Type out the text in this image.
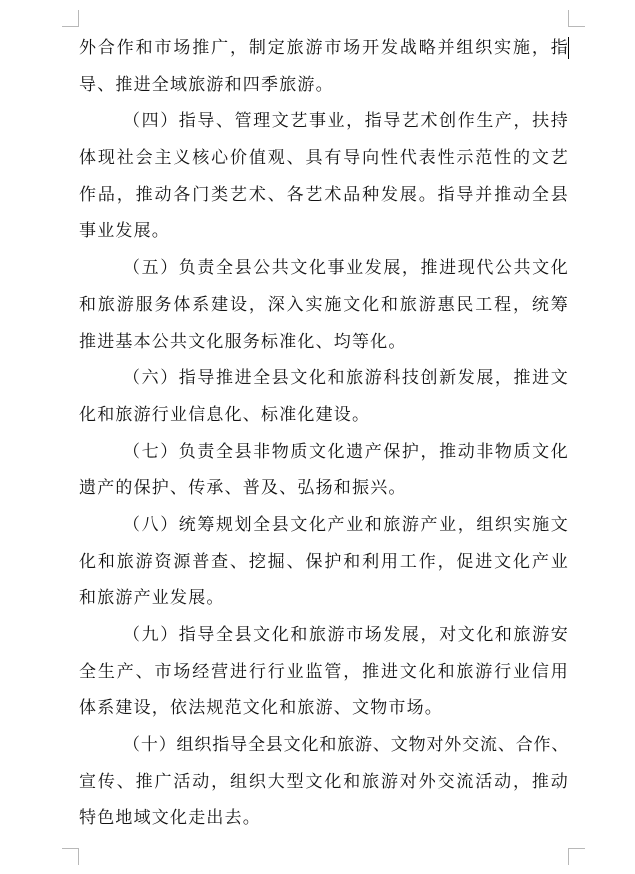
外合作和市场推广，制定旅游市场开发战略并组织实施，指
导、推进全域旅游和四季旅游。
（四）指导、管理文艺事业，指导艺术创作生产，扶持
体现社会主义核心价值观、具有导向性代表性示范性的文艺
作品，推动各门类艺术、各艺术品种发展。指导并推动全县
事业发展。
（五）负责全县公共文化事业发展，推进现代公共文化
和旅游服务体系建设，深入实施文化和旅游惠民工程，统筹
推进基本公共文化服务标准化、均等化。
（六）指导推进全县文化和旅游科技创新发展，推进文
化和旅游行业信息化、标准化建设。
（七）负责全县非物质文化遗产保护，推动非物质文化
遗产的保护、传承、普及、弘扬和振兴。
（八）统筹规划全县文化产业和旅游产业，组织实施文
化和旅游资源普查、挖掘、保护和利用工作，促进文化产业
和旅游产业发展。
（九）指导全县文化和旅游市场发展，对文化和旅游安
全生产、市场经营进行行业监管，推进文化和旅游行业信用
体系建设，依法规范文化和旅游、文物市场。
（十）组织指导全县文化和旅游、文物对外交流、合作、
宣传、推广活动，组织大型文化和旅游对外交流活动，推动
特色地域文化走出去。
